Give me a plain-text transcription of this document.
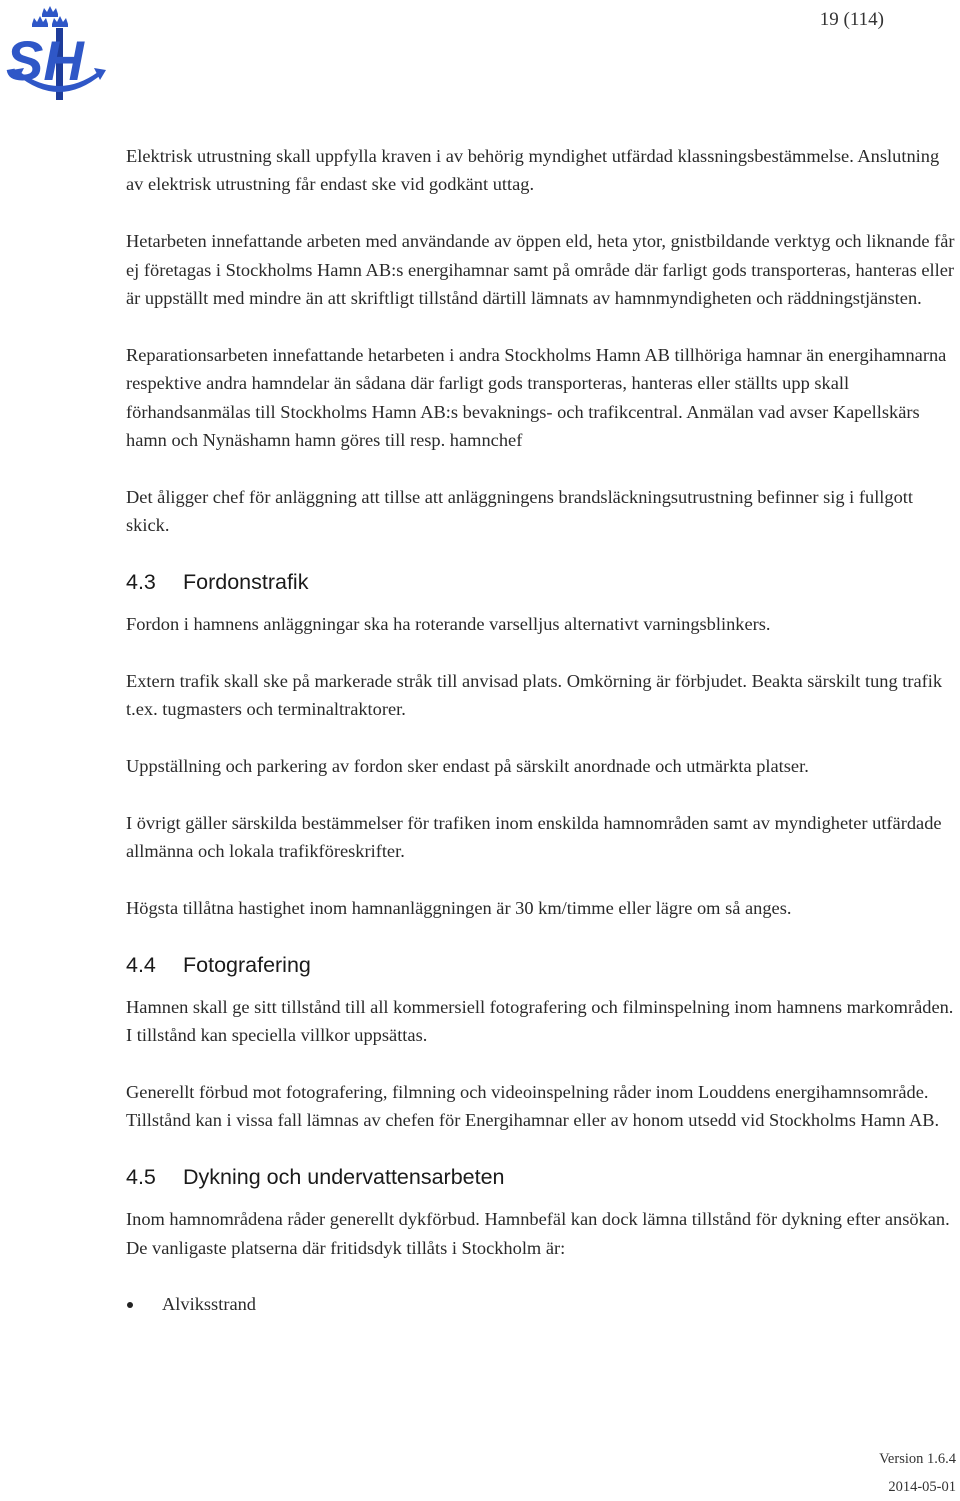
SH
19 (114)

Elektrisk utrustning skall uppfylla kraven i av behörig myndighet utfärdad klassningsbestämmelse. Anslutning av elektrisk utrustning får endast ske vid godkänt uttag.

Hetarbeten innefattande arbeten med användande av öppen eld, heta ytor, gnistbildande verktyg och liknande får ej företagas i Stockholms Hamn AB:s energihamnar samt på område där farligt gods transporteras, hanteras eller är uppställt med mindre än att skriftligt tillstånd därtill lämnats av hamnmyndigheten och räddningstjänsten.

Reparationsarbeten innefattande hetarbeten i andra Stockholms Hamn AB tillhöriga hamnar än energihamnarna respektive andra hamndelar än sådana där farligt gods transporteras, hanteras eller ställts upp skall förhandsanmälas till Stockholms Hamn AB:s bevaknings- och trafikcentral. Anmälan vad avser Kapellskärs hamn och Nynäshamn hamn göres till resp. hamnchef

Det åligger chef för anläggning att tillse att anläggningens brandsläckningsutrustning befinner sig i fullgott skick.

4.3 Fordonstrafik

Fordon i hamnens anläggningar ska ha roterande varselljus alternativt varningsblinkers.

Extern trafik skall ske på markerade stråk till anvisad plats. Omkörning är förbjudet. Beakta särskilt tung trafik t.ex. tugmasters och terminaltraktorer.

Uppställning och parkering av fordon sker endast på särskilt anordnade och utmärkta platser.

I övrigt gäller särskilda bestämmelser för trafiken inom enskilda hamnområden samt av myndigheter utfärdade allmänna och lokala trafikföreskrifter.

Högsta tillåtna hastighet inom hamnanläggningen är 30 km/timme eller lägre om så anges.

4.4 Fotografering

Hamnen skall ge sitt tillstånd till all kommersiell fotografering och filminspelning inom hamnens markområden. I tillstånd kan speciella villkor uppsättas.

Generellt förbud mot fotografering, filmning och videoinspelning råder inom Louddens energihamnsområde. Tillstånd kan i vissa fall lämnas av chefen för Energihamnar eller av honom utsedd vid Stockholms Hamn AB.

4.5 Dykning och undervattensarbeten

Inom hamnområdena råder generellt dykförbud. Hamnbefäl kan dock lämna tillstånd för dykning efter ansökan. De vanligaste platserna där fritidsdyk tillåts i Stockholm är:

Alviksstrand
Version 1.6.4
2014-05-01
